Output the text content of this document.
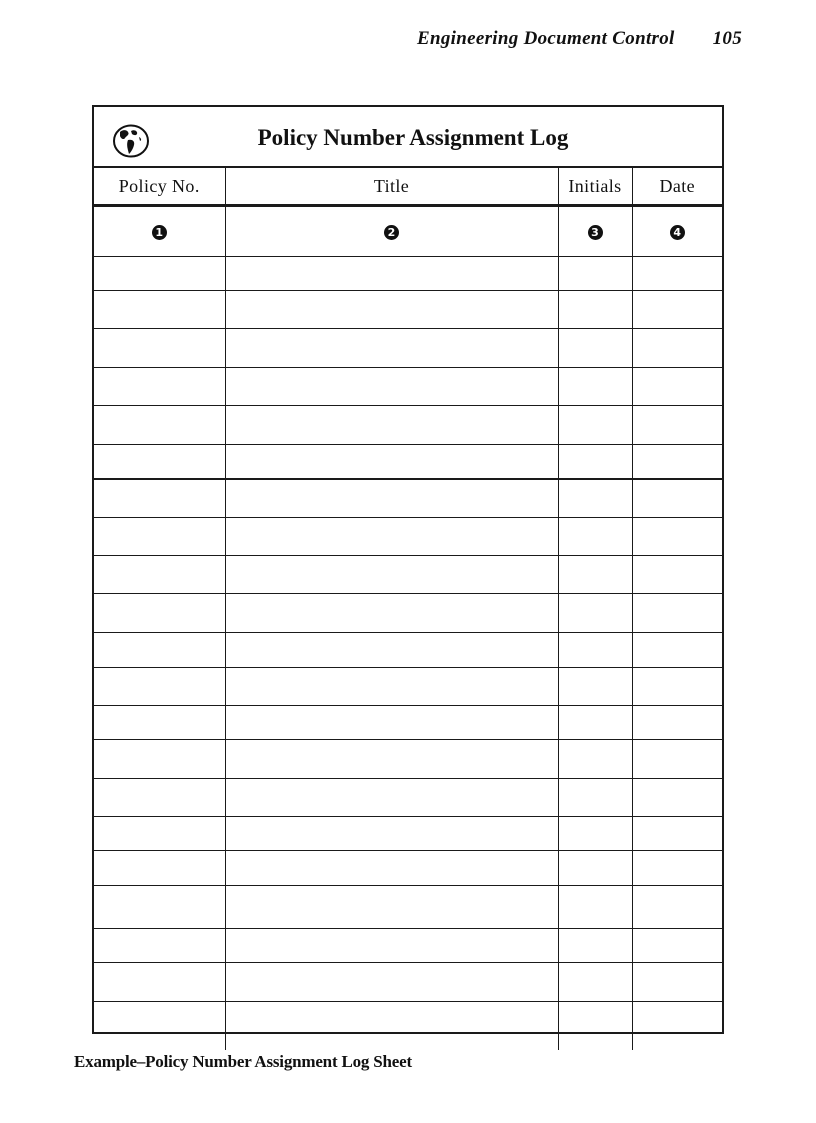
Engineering Document Control 105
Policy Number Assignment Log
Policy No.	Title	Initials	Date
1	2	3	4

Example–Policy Number Assignment Log Sheet
